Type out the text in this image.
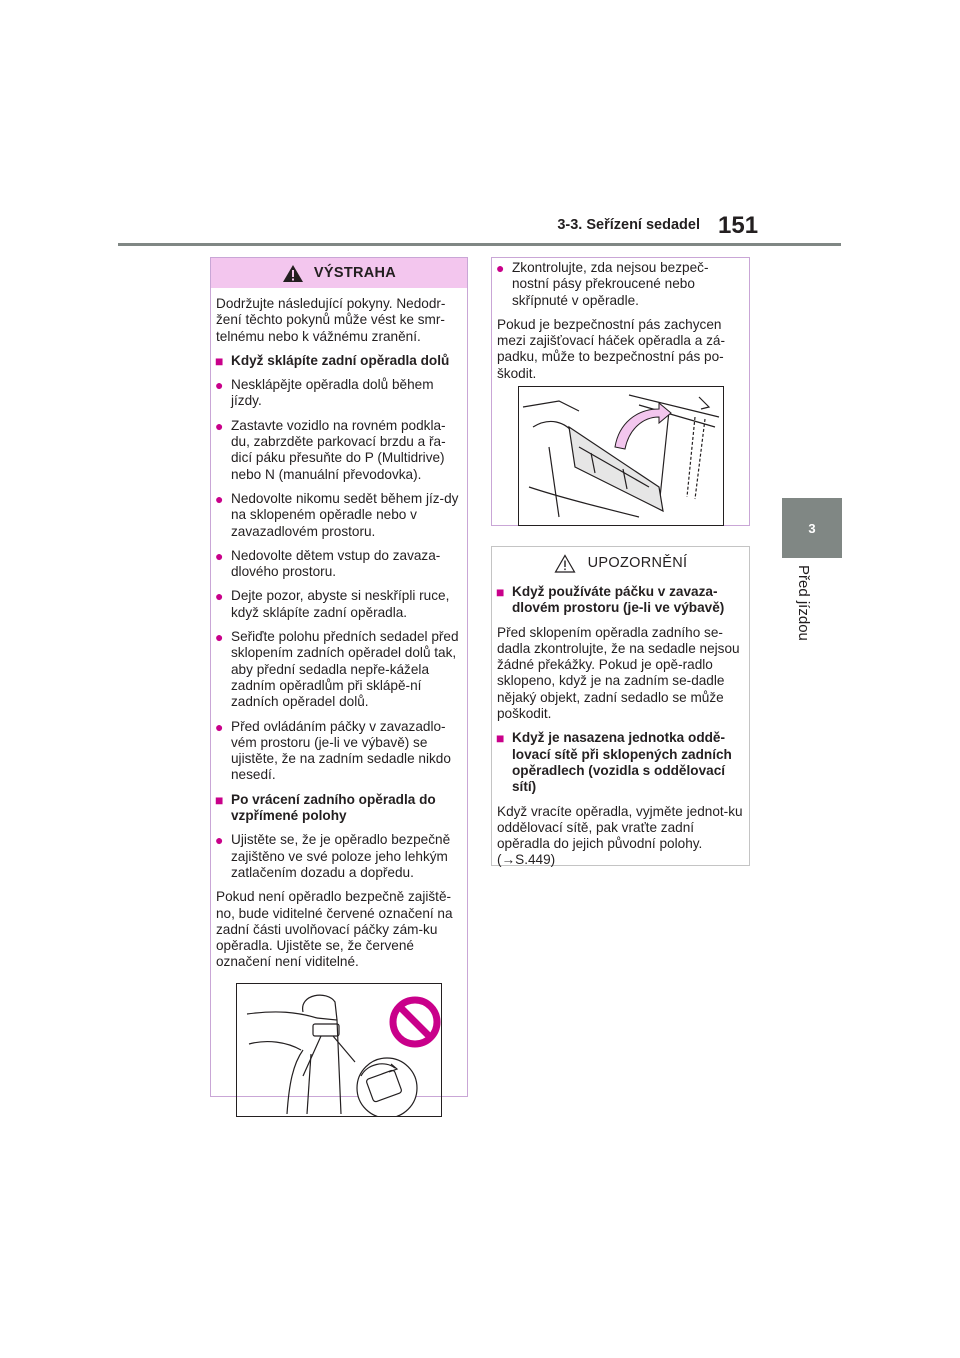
3-3. Seřízení sedadel 151
3
Před jízdou
VÝSTRAHA

Dodržujte následující pokyny. Nedodr-žení těchto pokynů může vést ke smr-telnému nebo k vážnému zranění.

■ Když sklápíte zadní opěradla dolů
● Nesklápějte opěradla dolů během jízdy.
● Zastavte vozidlo na rovném podkla-du, zabrzděte parkovací brzdu a řa-dicí páku přesuňte do P (Multidrive) nebo N (manuální převodovka).
● Nedovolte nikomu sedět během jíz-dy na sklopeném opěradle nebo v zavazadlovém prostoru.
● Nedovolte dětem vstup do zavaza-dlového prostoru.
● Dejte pozor, abyste si neskřípli ruce, když sklápíte zadní opěradla.
● Seřiďte polohu předních sedadel před sklopením zadních opěradel dolů tak, aby přední sedadla nepře-kážela zadním opěradlům při sklápě-ní zadních opěradel dolů.
● Před ovládáním páčky v zavazadlo-vém prostoru (je-li ve výbavě) se ujistěte, že na zadním sedadle nikdo nesedí.
■ Po vrácení zadního opěradla do vzpřímené polohy
● Ujistěte se, že je opěradlo bezpečně zajištěno ve své poloze jeho lehkým zatlačením dozadu a dopředu.

Pokud není opěradlo bezpečně zajiště-no, bude viditelné červené označení na zadní části uvolňovací páčky zám-ku opěradla. Ujistěte se, že červené označení není viditelné.

● Zkontrolujte, zda nejsou bezpeč-nostní pásy překroucené nebo skřípnuté v opěradle.

Pokud je bezpečnostní pás zachycen mezi zajišťovací háček opěradla a zá-padku, může to bezpečnostní pás po-škodit.

UPOZORNĚNÍ
■ Když používáte páčku v zavaza-dlovém prostoru (je-li ve výbavě)

Před sklopením opěradla zadního se-dadla zkontrolujte, že na sedadle nejsou žádné překážky. Pokud je opě-radlo sklopeno, když je na zadním se-dadle nějaký objekt, zadní sedadlo se může poškodit.

■ Když je nasazena jednotka oddě-lovací sítě při sklopených zadních opěradlech (vozidla s oddělovací sítí)

Když vracíte opěradla, vyjměte jednot-ku oddělovací sítě, pak vraťte zadní opěradla do jejich původní polohy. (→S.449)
